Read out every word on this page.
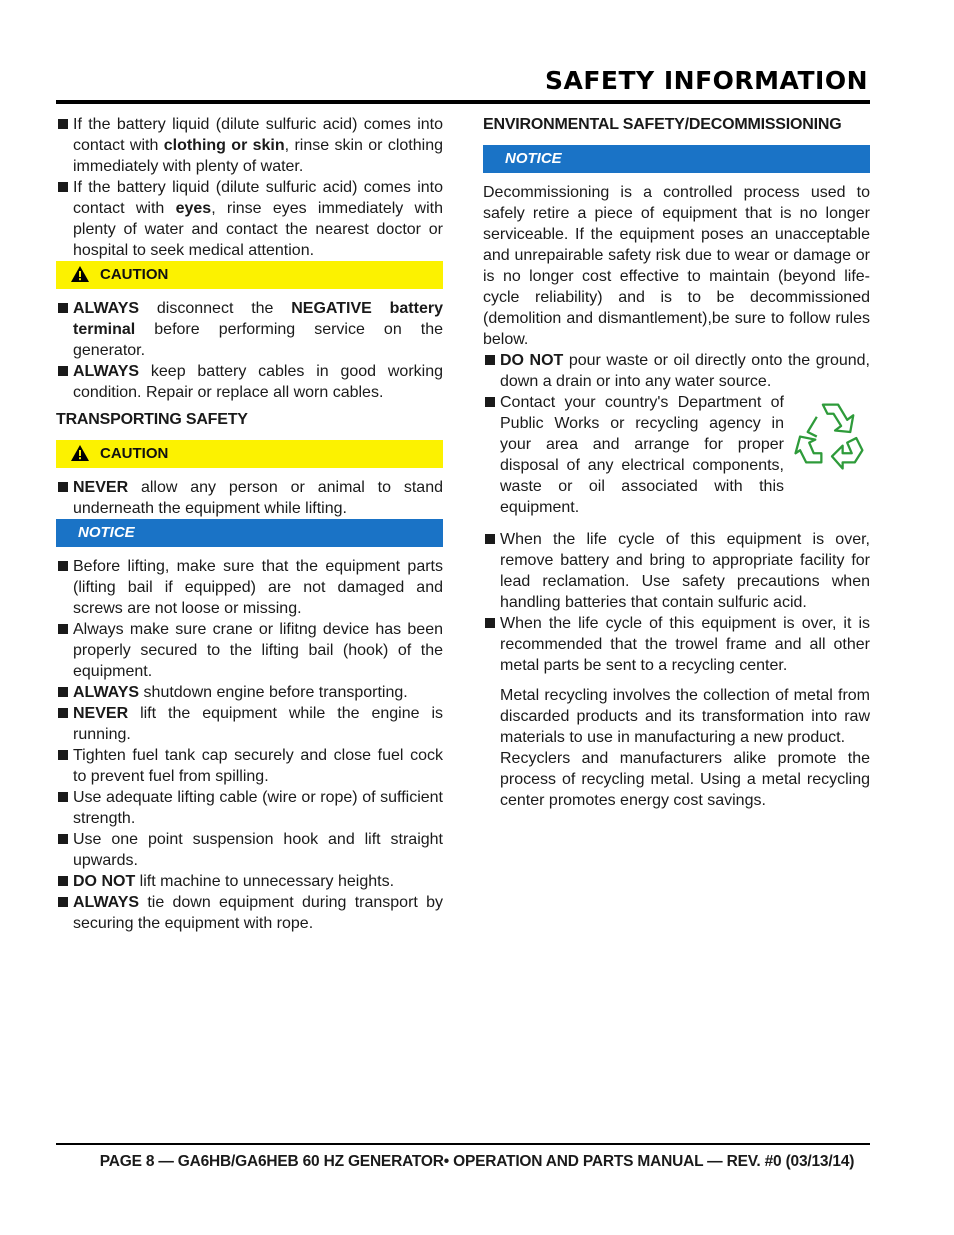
SAFETY INFORMATION

If the battery liquid (dilute sulfuric acid) comes into contact with clothing or skin, rinse skin or clothing immediately with plenty of water.

If the battery liquid (dilute sulfuric acid) comes into contact with eyes, rinse eyes immediately with plenty of water and contact the nearest doctor or hospital to seek medical attention.

CAUTION

ALWAYS disconnect the NEGATIVE battery terminal before performing service on the generator.

ALWAYS keep battery cables in good working condition. Repair or replace all worn cables.

TRANSPORTING SAFETY
CAUTION

NEVER allow any person or animal to stand underneath the equipment while lifting.

NOTICE

Before lifting, make sure that the equipment parts (lifting bail if equipped) are not damaged and screws are not loose or missing.

Always make sure crane or lifitng device has been properly secured to the lifting bail (hook) of the equipment.

ALWAYS shutdown engine before transporting.

NEVER lift the equipment while the engine is running.

Tighten fuel tank cap securely and close fuel cock to prevent fuel from spilling.

Use adequate lifting cable (wire or rope) of sufficient strength.

Use one point suspension hook and lift straight upwards.

DO NOT lift machine to unnecessary heights.

ALWAYS tie down equipment during transport by securing the equipment with rope.

ENVIRONMENTAL SAFETY/DECOMMISSIONING
NOTICE

Decommissioning is a controlled process used to safely retire a piece of equipment that is no longer serviceable. If the equipment poses an unacceptable and unrepairable safety risk due to wear or damage or is no longer cost effective to maintain (beyond life-cycle reliability) and is to be decommissioned (demolition and dismantlement),be sure to follow rules below.

DO NOT pour waste or oil directly onto the ground, down a drain or into any water source.

Contact your country's Department of Public Works or recycling agency in your area and arrange for proper disposal of any electrical components, waste or oil associated with this equipment.

When the life cycle of this equipment is over, remove battery and bring to appropriate facility for lead reclamation. Use safety precautions when handling batteries that contain sulfuric acid.

When the life cycle of this equipment is over, it is recommended that the trowel frame and all other metal parts be sent to a recycling center.

Metal recycling involves the collection of metal from discarded products and its transformation into raw materials to use in manufacturing a new product.

Recyclers and manufacturers alike promote the process of recycling metal. Using a metal recycling center promotes energy cost savings.

PAGE 8 — GA6HB/GA6HEB 60 HZ GENERATOR• OPERATION AND PARTS MANUAL — REV. #0 (03/13/14)
